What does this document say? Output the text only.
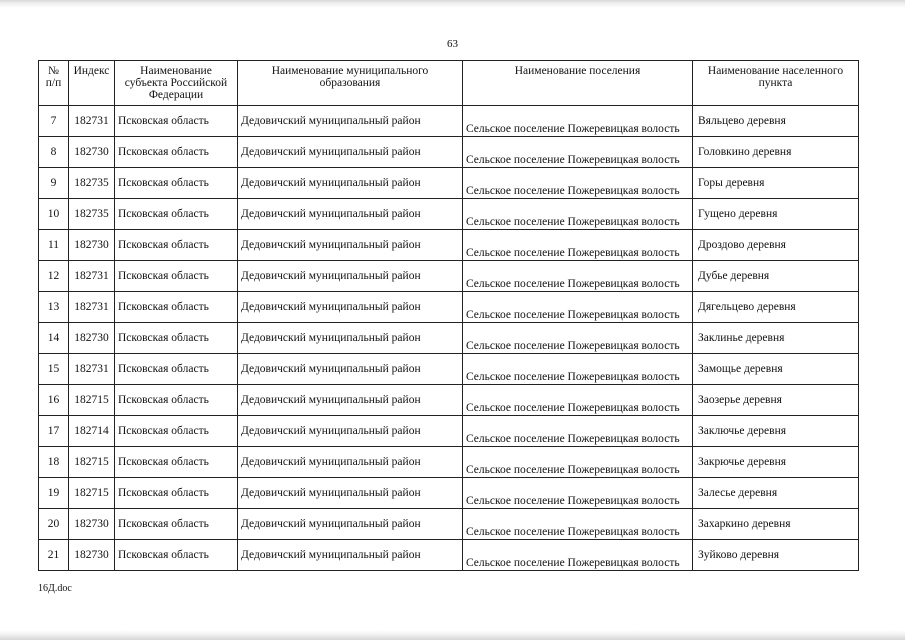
63
№ п/п	Индекс	Наименование субъекта Российской Федерации	Наименование муниципального образования	Наименование поселения	Наименование населенного пункта
7	182731	Псковская область	Дедовичский муниципальный район	Сельское поселение Пожеревицкая волость	Вяльцево деревня
8	182730	Псковская область	Дедовичский муниципальный район	Сельское поселение Пожеревицкая волость	Головкино деревня
9	182735	Псковская область	Дедовичский муниципальный район	Сельское поселение Пожеревицкая волость	Горы деревня
10	182735	Псковская область	Дедовичский муниципальный район	Сельское поселение Пожеревицкая волость	Гущено деревня
11	182730	Псковская область	Дедовичский муниципальный район	Сельское поселение Пожеревицкая волость	Дроздово деревня
12	182731	Псковская область	Дедовичский муниципальный район	Сельское поселение Пожеревицкая волость	Дубье деревня
13	182731	Псковская область	Дедовичский муниципальный район	Сельское поселение Пожеревицкая волость	Дягельцево деревня
14	182730	Псковская область	Дедовичский муниципальный район	Сельское поселение Пожеревицкая волость	Заклинье деревня
15	182731	Псковская область	Дедовичский муниципальный район	Сельское поселение Пожеревицкая волость	Замощье деревня
16	182715	Псковская область	Дедовичский муниципальный район	Сельское поселение Пожеревицкая волость	Заозерье деревня
17	182714	Псковская область	Дедовичский муниципальный район	Сельское поселение Пожеревицкая волость	Заключье деревня
18	182715	Псковская область	Дедовичский муниципальный район	Сельское поселение Пожеревицкая волость	Закрючье деревня
19	182715	Псковская область	Дедовичский муниципальный район	Сельское поселение Пожеревицкая волость	Залесье деревня
20	182730	Псковская область	Дедовичский муниципальный район	Сельское поселение Пожеревицкая волость	Захаркино деревня
21	182730	Псковская область	Дедовичский муниципальный район	Сельское поселение Пожеревицкая волость	Зуйково деревня
16Д.doc
